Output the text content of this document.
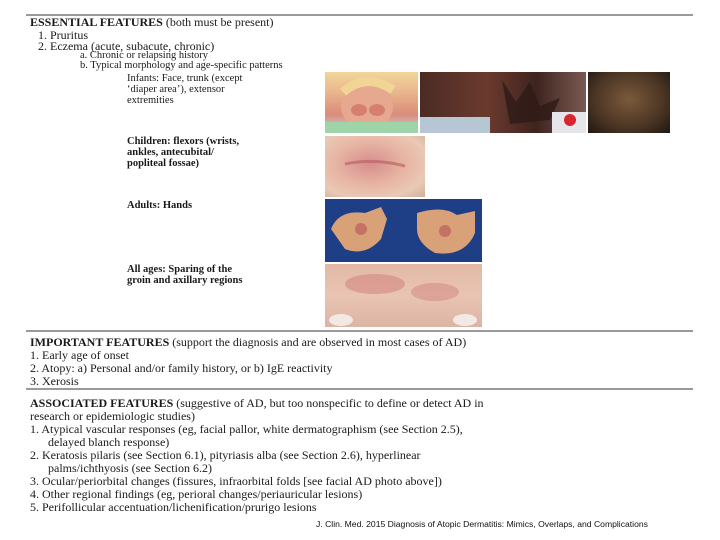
ESSENTIAL FEATURES (both must be present)
1. Pruritus
2. Eczema (acute, subacute, chronic)
a. Chronic or relapsing history
b. Typical morphology and age-specific patterns
Infants: Face, trunk (except
‘diaper area’), extensor
extremities
Children: flexors (wrists,
ankles, antecubital/
popliteal fossae)
Adults: Hands
All ages: Sparing of the
groin and axillary regions
IMPORTANT FEATURES (support the diagnosis and are observed in most cases of AD)
1. Early age of onset
2. Atopy: a) Personal and/or family history, or b) IgE reactivity
3. Xerosis
ASSOCIATED FEATURES (suggestive of AD, but too nonspecific to define or detect AD in
research or epidemiologic studies)
1. Atypical vascular responses (eg, facial pallor, white dermatographism (see Section 2.5),
delayed blanch response)
2. Keratosis pilaris (see Section 6.1), pityriasis alba (see Section 2.6), hyperlinear
palms/ichthyosis (see Section 6.2)
3. Ocular/periorbital changes (fissures, infraorbital folds [see facial AD photo above])
4. Other regional findings (eg, perioral changes/periauricular lesions)
5. Perifollicular accentuation/lichenification/prurigo lesions
J. Clin. Med. 2015 Diagnosis of Atopic Dermatitis: Mimics, Overlaps, and Complications
